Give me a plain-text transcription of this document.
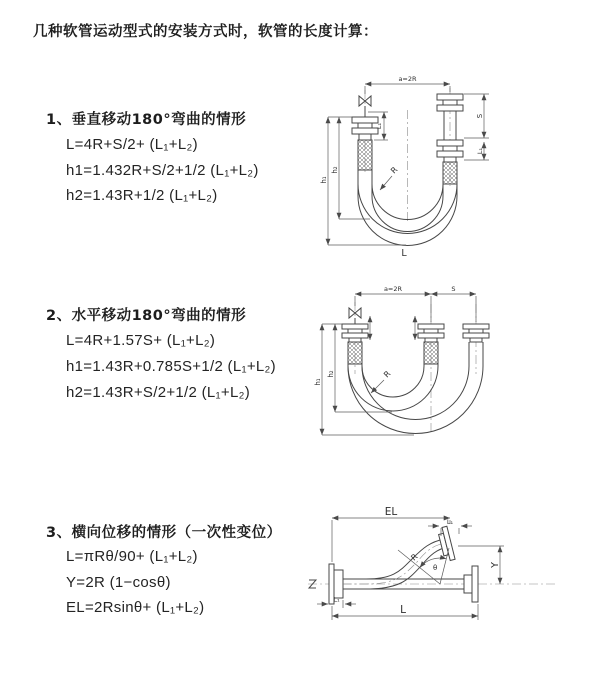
几种软管运动型式的安装方式时，软管的长度计算：
1、垂直移动180°弯曲的情形
L=4R+S/2+ (L₁+L₂)
h1=1.432R+S/2+1/2 (L₁+L₂)
h2=1.43R+1/2 (L₁+L₂)
2、水平移动180°弯曲的情形
L=4R+1.57S+ (L₁+L₂)
h1=1.43R+0.785S+1/2 (L₁+L₂)
h2=1.43R+S/2+1/2 (L₁+L₂)
3、横向位移的情形（一次性变位）
L=πRθ/90+ (L₁+L₂)
Y=2R (1−cosθ)
EL=2Rsinθ+ (L₁+L₂)
a=2R
S
L₁
L₁
h₁
h₂	R
L
a=2R	S
h₁
h₂	R
θ
R
EL
L₁
Y
L
L₁
